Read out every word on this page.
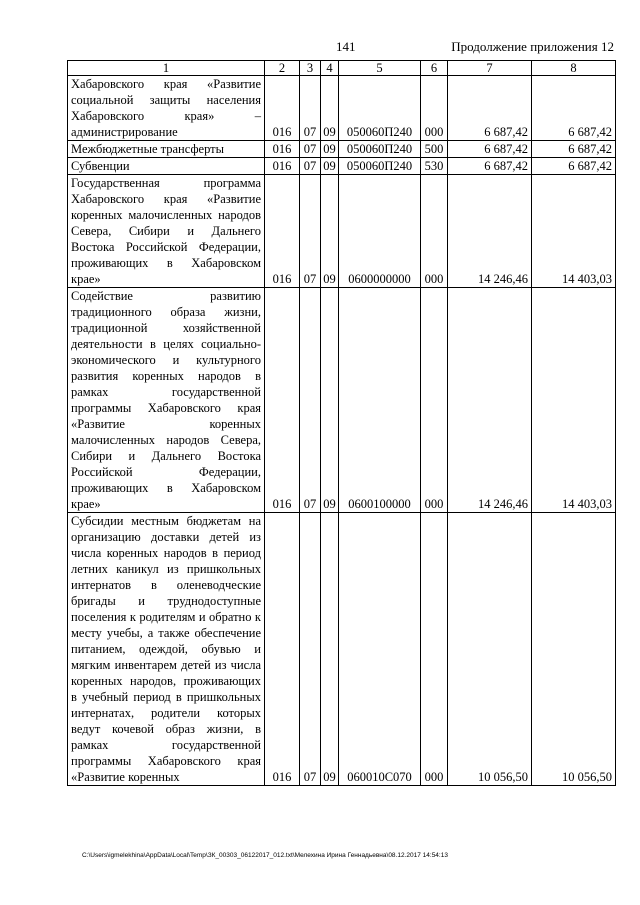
141	Продолжение приложения 12
1	2	3	4	5	6	7	8
Хабаровского края «Развитие социальной защиты населения Хабаровского края» – администрирование	016	07	09	050060П240	000	6 687,42	6 687,42
Межбюджетные трансферты	016	07	09	050060П240	500	6 687,42	6 687,42
Субвенции	016	07	09	050060П240	530	6 687,42	6 687,42
Государственная программа Хабаровского края «Развитие коренных малочисленных народов Севера, Сибири и Дальнего Востока Российской Федерации, проживающих в Хабаровском крае»	016	07	09	0600000000	000	14 246,46	14 403,03
Содействие развитию традиционного образа жизни, традиционной хозяйственной деятельности в целях социально-экономического и культурного развития коренных народов в рамках государственной программы Хабаровского края «Развитие коренных малочисленных народов Севера, Сибири и Дальнего Востока Российской Федерации, проживающих в Хабаровском крае»	016	07	09	0600100000	000	14 246,46	14 403,03
Субсидии местным бюджетам на организацию доставки детей из числа коренных народов в период летних каникул из пришкольных интернатов в оленеводческие бригады и труднодоступные поселения к родителям и обратно к месту учебы, а также обеспечение питанием, одеждой, обувью и мягким инвентарем детей из числа коренных народов, проживающих в учебный период в пришкольных интернатах, родители которых ведут кочевой образ жизни, в рамках государственной программы Хабаровского края «Развитие коренных	016	07	09	060010С070	000	10 056,50	10 056,50
C:\Users\igmelekhina\AppData\Local\Temp\ЗК_00303_06122017_012.txt\Мелехина Ирина Геннадьевна\08.12.2017 14:54:13
